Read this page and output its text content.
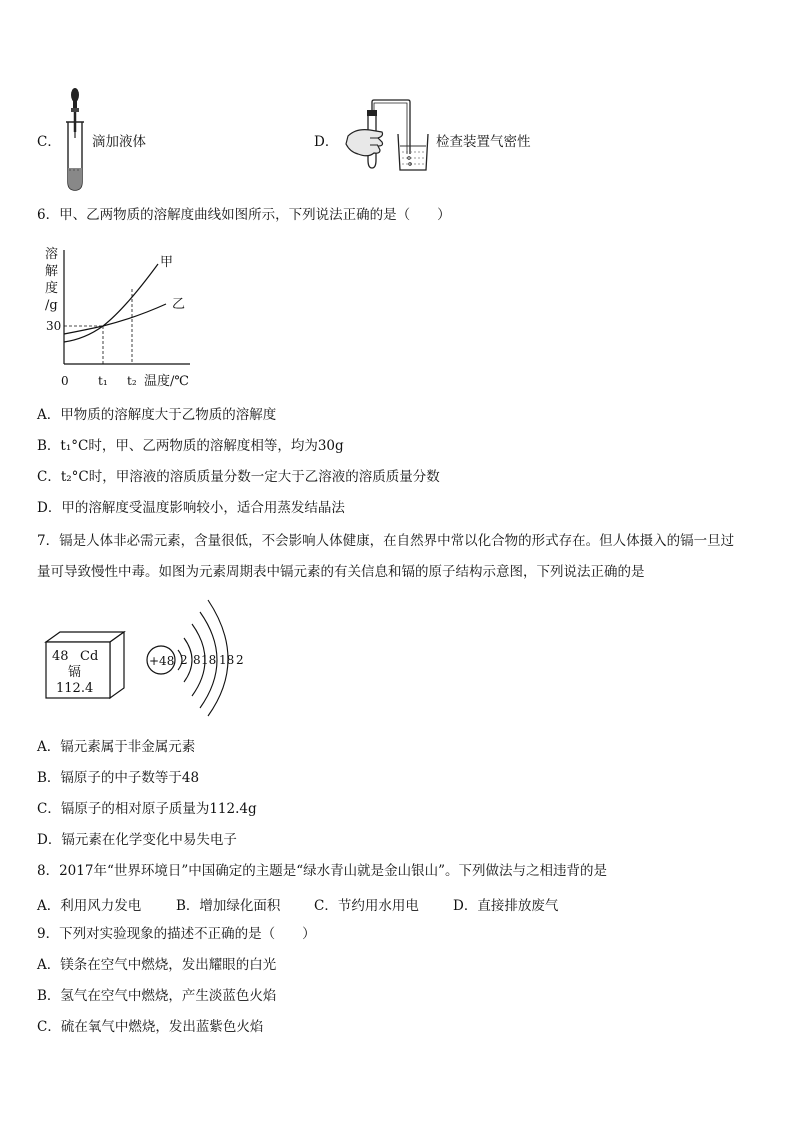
C． 滴加液体	D．	检查装置气密性
6．甲、乙两物质的溶解度曲线如图所示，下列说法正确的是（　　）
溶
解
度
/g
30
甲
乙
0 t₁ t₂ 温度/℃
A．甲物质的溶解度大于乙物质的溶解度
B．t₁°C时，甲、乙两物质的溶解度相等，均为30g
C．t₂°C时，甲溶液的溶质质量分数一定大于乙溶液的溶质质量分数
D．甲的溶解度受温度影响较小，适合用蒸发结晶法
7．镉是人体非必需元素，含量很低，不会影响人体健康，在自然界中常以化合物的形式存在。但人体摄入的镉一旦过
量可导致慢性中毒。如图为元素周期表中镉元素的有关信息和镉的原子结构示意图，下列说法正确的是
48 Cd
镉
112.4
+48 2 8 18 18 2
A．镉元素属于非金属元素
B．镉原子的中子数等于48
C．镉原子的相对原子质量为112.4g
D．镉元素在化学变化中易失电子
8．2017年“世界环境日”中国确定的主题是“绿水青山就是金山银山”。下列做法与之相违背的是
A．利用风力发电	B．增加绿化面积 C．节约用水用电	D．直接排放废气
9．下列对实验现象的描述不正确的是（　　）
A．镁条在空气中燃烧，发出耀眼的白光
B．氢气在空气中燃烧，产生淡蓝色火焰
C．硫在氧气中燃烧，发出蓝紫色火焰
